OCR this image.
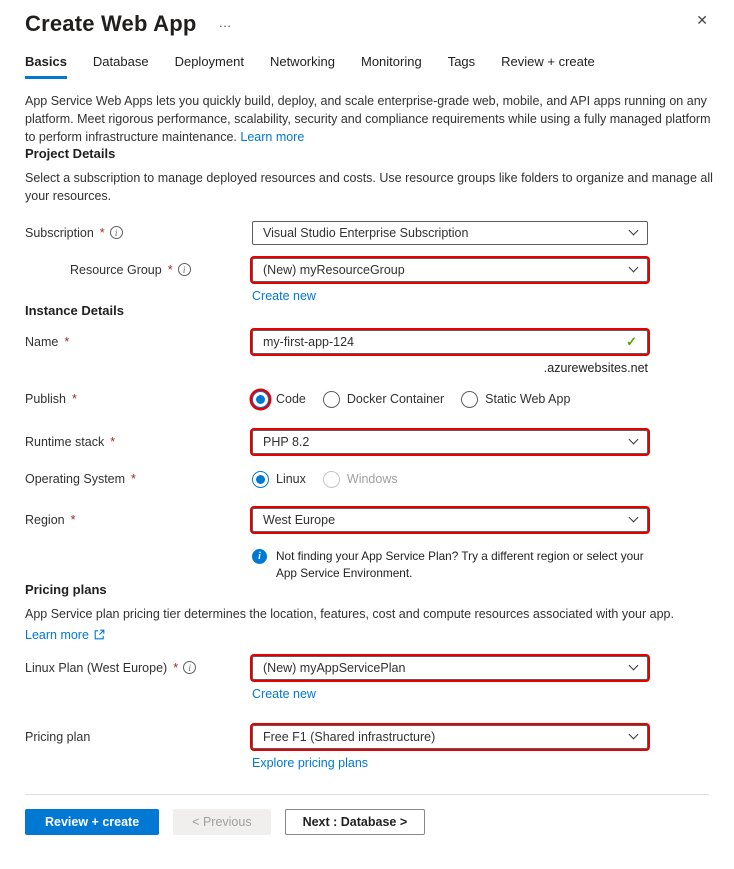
Create Web App …	✕
Basics Database Deployment Networking Monitoring Tags Review + create

App Service Web Apps lets you quickly build, deploy, and scale enterprise-grade web, mobile, and API apps running on any platform. Meet rigorous performance, scalability, security and compliance requirements while using a fully managed platform to perform infrastructure maintenance. Learn more

Project Details

Select a subscription to manage deployed resources and costs. Use resource groups like folders to organize and manage all your resources.

Subscription * i	Visual Studio Enterprise Subscription
Resource Group * i	(New) myResourceGroup
Create new
Instance Details
Name *	my-first-app-124	✓
.azurewebsites.net
Publish *	Code	Docker Container	Static Web App
Runtime stack *	PHP 8.2
Operating System *	Linux	Windows
Region *	West Europe
i	Not finding your App Service Plan? Try a different region or select your App Service Environment.
Pricing plans

App Service plan pricing tier determines the location, features, cost and compute resources associated with your app.

Learn more
Linux Plan (West Europe) * i	(New) myAppServicePlan
Create new
Pricing plan	Free F1 (Shared infrastructure)
Explore pricing plans
Review + create	< Previous	Next : Database >
